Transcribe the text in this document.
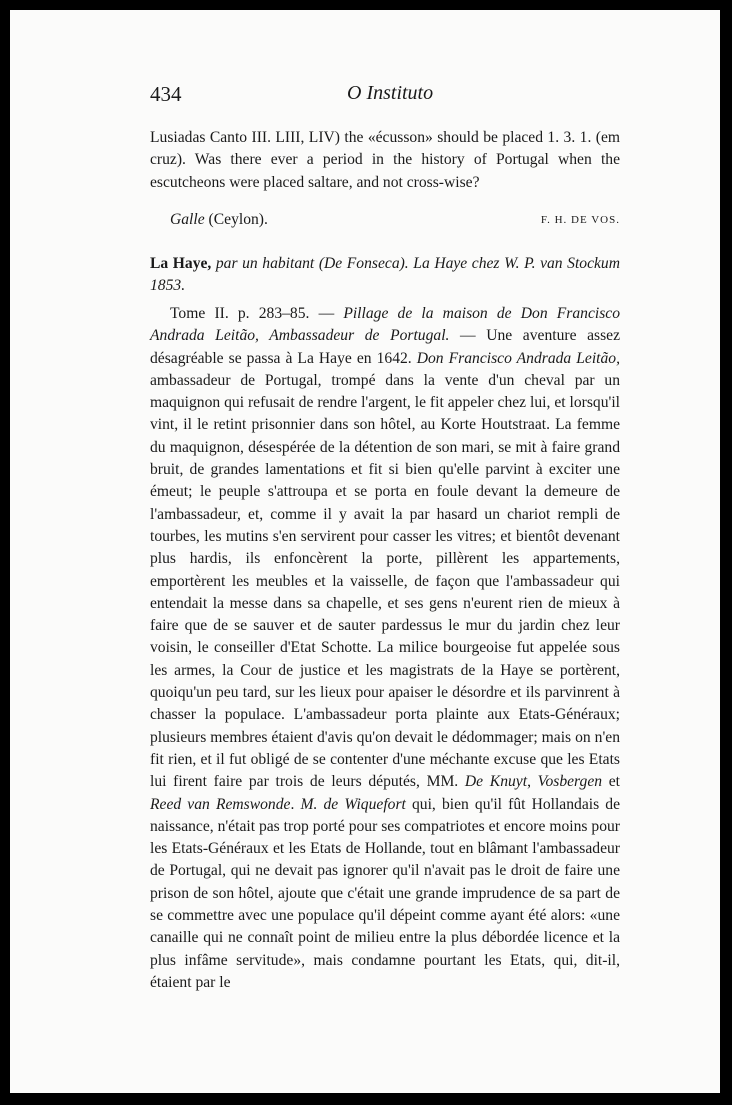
434	O Instituto

Lusiadas Canto III. LIII, LIV) the «écusson» should be placed 1. 3. 1. (em cruz). Was there ever a period in the history of Portugal when the escutcheons were placed saltare, and not cross-wise?

Galle (Ceylon).	F. H. DE VOS.

La Haye, par un habitant (De Fonseca). La Haye chez W. P. van Stockum 1853.

Tome II. p. 283–85. — Pillage de la maison de Don Francisco Andrada Leitão, Ambassadeur de Portugal. — Une aventure assez désagréable se passa à La Haye en 1642. Don Francisco Andrada Leitão, ambassadeur de Portugal, trompé dans la vente d'un cheval par un maquignon qui refusait de rendre l'argent, le fit appeler chez lui, et lorsqu'il vint, il le retint prisonnier dans son hôtel, au Korte Houtstraat. La femme du maquignon, désespérée de la détention de son mari, se mit à faire grand bruit, de grandes lamentations et fit si bien qu'elle parvint à exciter une émeut; le peuple s'attroupa et se porta en foule devant la demeure de l'ambassadeur, et, comme il y avait la par hasard un chariot rempli de tourbes, les mutins s'en servirent pour casser les vitres; et bientôt devenant plus hardis, ils enfoncèrent la porte, pillèrent les appartements, emportèrent les meubles et la vaisselle, de façon que l'ambassadeur qui entendait la messe dans sa chapelle, et ses gens n'eurent rien de mieux à faire que de se sauver et de sauter pardessus le mur du jardin chez leur voisin, le conseiller d'Etat Schotte. La milice bourgeoise fut appelée sous les armes, la Cour de justice et les magistrats de la Haye se portèrent, quoiqu'un peu tard, sur les lieux pour apaiser le désordre et ils parvinrent à chasser la populace. L'ambassadeur porta plainte aux Etats-Généraux; plusieurs membres étaient d'avis qu'on devait le dédommager; mais on n'en fit rien, et il fut obligé de se contenter d'une méchante excuse que les Etats lui firent faire par trois de leurs députés, MM. De Knuyt, Vosbergen et Reed van Remswonde. M. de Wiquefort qui, bien qu'il fût Hollandais de naissance, n'était pas trop porté pour ses compatriotes et encore moins pour les Etats-Généraux et les Etats de Hollande, tout en blâmant l'ambassadeur de Portugal, qui ne devait pas ignorer qu'il n'avait pas le droit de faire une prison de son hôtel, ajoute que c'était une grande imprudence de sa part de se commettre avec une populace qu'il dépeint comme ayant été alors: «une canaille qui ne connaît point de milieu entre la plus débordée licence et la plus infâme servitude», mais condamne pourtant les Etats, qui, dit-il, étaient par le
